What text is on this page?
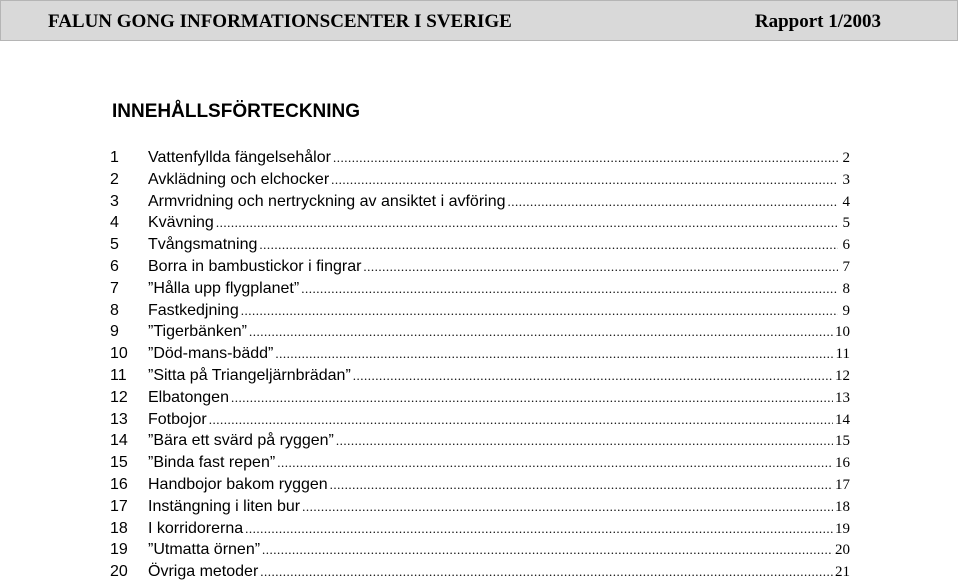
FALUN GONG INFORMATIONSCENTER I SVERIGE	Rapport 1/2003
INNEHÅLLSFÖRTECKNING
1	Vattenfyllda fängelsehålor .....	2
2	Avklädning och elchocker .....	3
3	Armvridning och nertryckning av ansiktet i avföring .....	4
4	Kvävning .....	5
5	Tvångsmatning .....	6
6	Borra in bambustickor i fingrar .....	7
7	”Hålla upp flygplanet” .....	8
8	Fastkedjning .....	9
9	”Tigerbänken” .....	10
10	”Död-mans-bädd” .....	11
11	”Sitta på Triangeljärnbrädan” .....	12
12	Elbatongen .....	13
13	Fotbojor .....	14
14	”Bära ett svärd på ryggen” .....	15
15	”Binda fast repen” .....	16
16	Handbojor bakom ryggen .....	17
17	Instängning i liten bur .....	18
18	I korridorerna .....	19
19	”Utmatta örnen” .....	20
20	Övriga metoder .....	21
